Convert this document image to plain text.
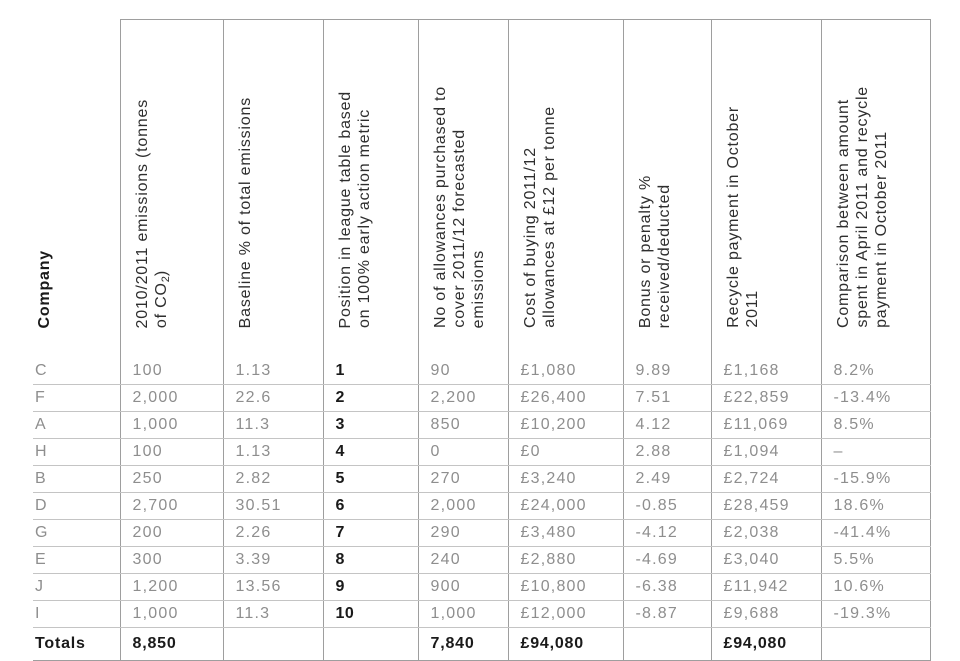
Company	2010/2011 emissions (tonnes of $CO_2$)	Baseline % of total emissions	Position in league table based on 100% early action metric	No of allowances purchased to cover 2011/12 forecasted emissions	Cost of buying 2011/12 allowances at £12 per tonne	Bonus or penalty % received/deducted	Recycle payment in October 2011	Comparison between amount spent in April 2011 and recycle payment in October 2011

C	100	1.13	1	90	£1,080	9.89	£1,168	8.2%
F	2,000	22.6	2	2,200	£26,400	7.51	£22,859	-13.4%
A	1,000	11.3	3	850	£10,200	4.12	£11,069	8.5%
H	100	1.13	4	0	£0	2.88	£1,094	–
B	250	2.82	5	270	£3,240	2.49	£2,724	-15.9%
D	2,700	30.51	6	2,000	£24,000	-0.85	£28,459	18.6%
G	200	2.26	7	290	£3,480	-4.12	£2,038	-41.4%
E	300	3.39	8	240	£2,880	-4.69	£3,040	5.5%
J	1,200	13.56	9	900	£10,800	-6.38	£11,942	10.6%
I	1,000	11.3	10	1,000	£12,000	-8.87	£9,688	-19.3%
Totals	8,850			7,840	£94,080		£94,080	
